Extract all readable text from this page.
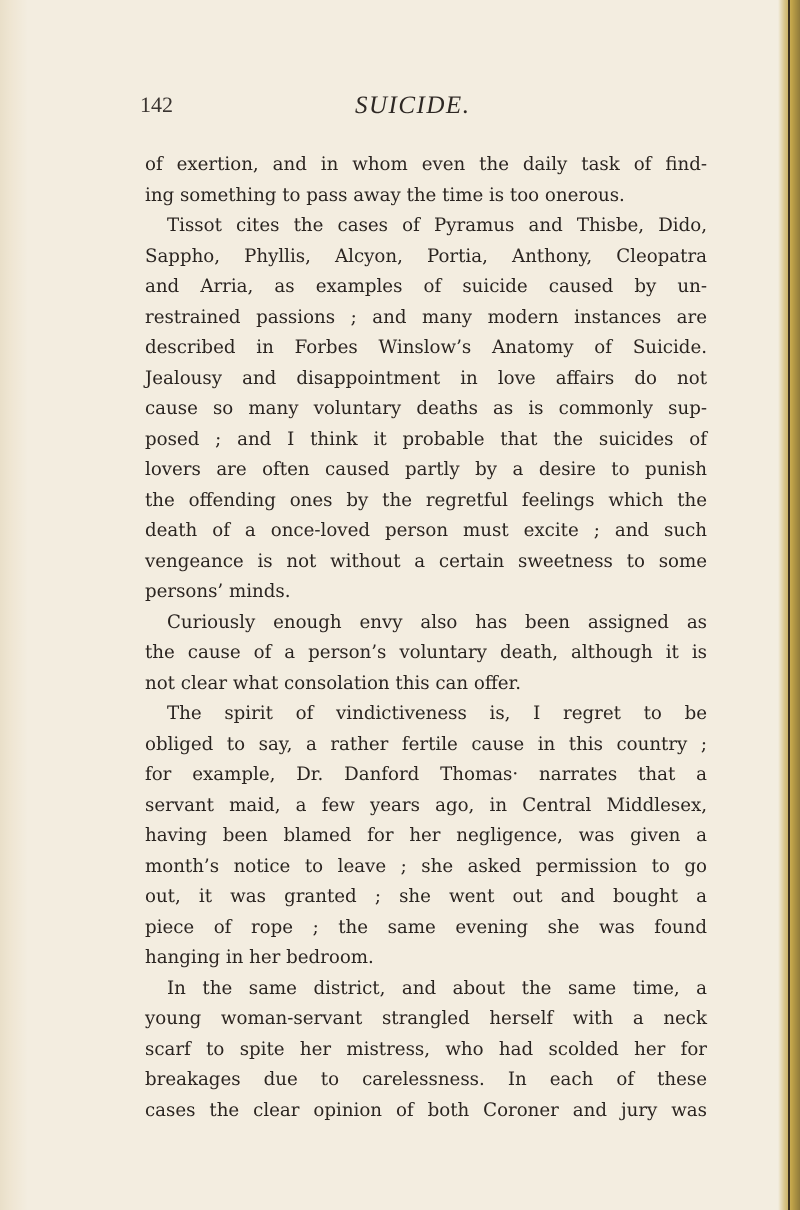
142	SUICIDE.
of exertion, and in whom even the daily task of find-
ing something to pass away the time is too onerous.
Tissot cites the cases of Pyramus and Thisbe, Dido,
Sappho, Phyllis, Alcyon, Portia, Anthony, Cleopatra
and Arria, as examples of suicide caused by un-
restrained passions ; and many modern instances are
described in Forbes Winslow’s Anatomy of Suicide.
Jealousy and disappointment in love affairs do not
cause so many voluntary deaths as is commonly sup-
posed ; and I think it probable that the suicides of
lovers are often caused partly by a desire to punish
the offending ones by the regretful feelings which the
death of a once-loved person must excite ; and such
vengeance is not without a certain sweetness to some
persons’ minds.
Curiously enough envy also has been assigned as
the cause of a person’s voluntary death, although it is
not clear what consolation this can offer.
The spirit of vindictiveness is, I regret to be
obliged to say, a rather fertile cause in this country ;
for example, Dr. Danford Thomas· narrates that a
servant maid, a few years ago, in Central Middlesex,
having been blamed for her negligence, was given a
month’s notice to leave ; she asked permission to go
out, it was granted ; she went out and bought a
piece of rope ; the same evening she was found
hanging in her bedroom.
In the same district, and about the same time, a
young woman-servant strangled herself with a neck
scarf to spite her mistress, who had scolded her for
breakages due to carelessness. In each of these
cases the clear opinion of both Coroner and jury was
